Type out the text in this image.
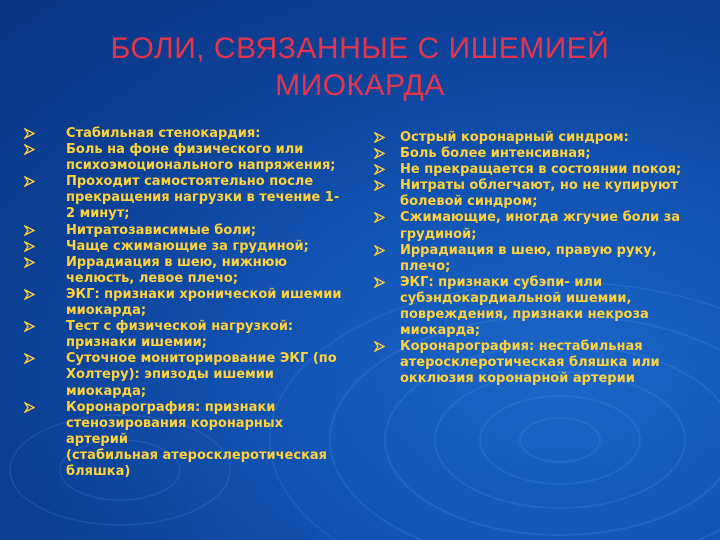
БОЛИ, СВЯЗАННЫЕ С ИШЕМИЕЙ
МИОКАРДА
Стабильная стенокардия:
Боль на фоне физического или психоэмоционального напряжения;
Проходит самостоятельно после прекращения нагрузки в течение 1-2 минут;
Нитратозависимые боли;
Чаще сжимающие за грудиной;
Иррадиация в шею, нижнюю челюсть, левое плечо;
ЭКГ: признаки хронической ишемии миокарда;
Тест с физической нагрузкой: признаки ишемии;
Суточное мониторирование ЭКГ (по Холтеру): эпизоды ишемии миокарда;
Коронарография: признаки стенозирования коронарных артерий
(стабильная атеросклеротическая бляшка)
Острый коронарный синдром:
Боль более интенсивная;
Не прекращается в состоянии покоя;
Нитраты облегчают, но не купируют болевой синдром;
Сжимающие, иногда жгучие боли за грудиной;
Иррадиация в шею, правую руку, плечо;
ЭКГ: признаки субэпи- или субэндокардиальной ишемии, повреждения, признаки некроза миокарда;
Коронарография: нестабильная атеросклеротическая бляшка или окклюзия коронарной артерии
